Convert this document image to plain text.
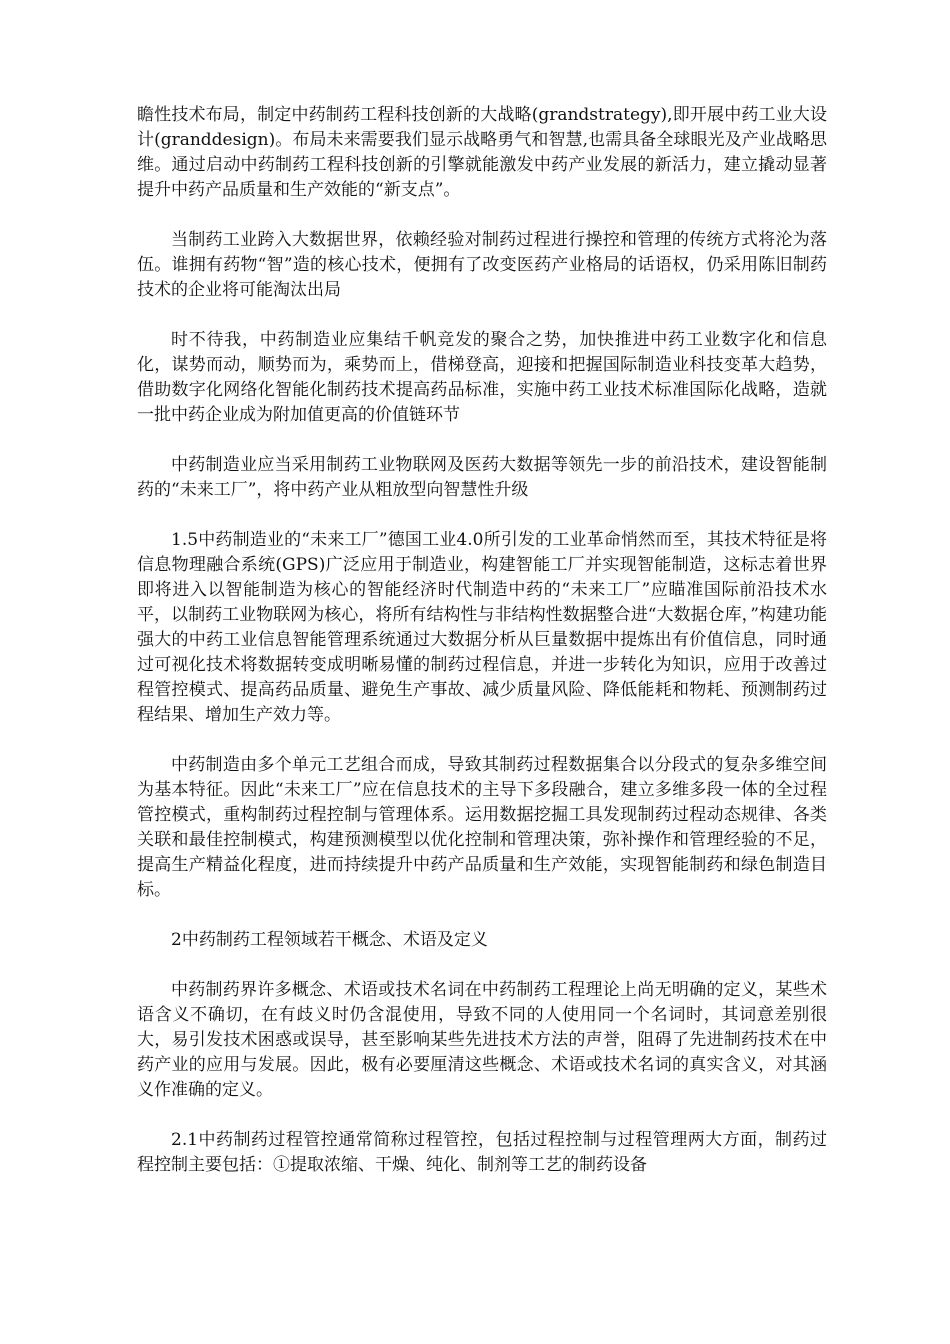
瞻性技术布局，制定中药制药工程科技创新的大战略(grandstrategy),即开展中药工业大设计(granddesign)。布局未来需要我们显示战略勇气和智慧,也需具备全球眼光及产业战略思维。通过启动中药制药工程科技创新的引擎就能激发中药产业发展的新活力，建立撬动显著提升中药产品质量和生产效能的“新支点”。

当制药工业跨入大数据世界，依赖经验对制药过程进行操控和管理的传统方式将沦为落伍。谁拥有药物“智”造的核心技术，便拥有了改变医药产业格局的话语权，仍采用陈旧制药技术的企业将可能淘汰出局

时不待我，中药制造业应集结千帆竞发的聚合之势，加快推进中药工业数字化和信息化，谋势而动，顺势而为，乘势而上，借梯登高，迎接和把握国际制造业科技变革大趋势，借助数字化网络化智能化制药技术提高药品标准，实施中药工业技术标准国际化战略，造就一批中药企业成为附加值更高的价值链环节

中药制造业应当采用制药工业物联网及医药大数据等领先一步的前沿技术，建设智能制药的“未来工厂”，将中药产业从粗放型向智慧性升级

1.5中药制造业的“未来工厂”德国工业4.0所引发的工业革命悄然而至，其技术特征是将信息物理融合系统(GPS)广泛应用于制造业，构建智能工厂并实现智能制造，这标志着世界即将进入以智能制造为核心的智能经济时代制造中药的“未来工厂”应瞄准国际前沿技术水平，以制药工业物联网为核心，将所有结构性与非结构性数据整合进“大数据仓库，”构建功能强大的中药工业信息智能管理系统通过大数据分析从巨量数据中提炼出有价值信息，同时通过可视化技术将数据转变成明晰易懂的制药过程信息，并进一步转化为知识，应用于改善过程管控模式、提高药品质量、避免生产事故、减少质量风险、降低能耗和物耗、预测制药过程结果、增加生产效力等。

中药制造由多个单元工艺组合而成，导致其制药过程数据集合以分段式的复杂多维空间为基本特征。因此“未来工厂”应在信息技术的主导下多段融合，建立多维多段一体的全过程管控模式，重构制药过程控制与管理体系。运用数据挖掘工具发现制药过程动态规律、各类关联和最佳控制模式，构建预测模型以优化控制和管理决策，弥补操作和管理经验的不足，提高生产精益化程度，进而持续提升中药产品质量和生产效能，实现智能制药和绿色制造目标。

2中药制药工程领域若干概念、术语及定义

中药制药界许多概念、术语或技术名词在中药制药工程理论上尚无明确的定义，某些术语含义不确切，在有歧义时仍含混使用，导致不同的人使用同一个名词时，其词意差别很大，易引发技术困惑或误导，甚至影响某些先进技术方法的声誉，阻碍了先进制药技术在中药产业的应用与发展。因此，极有必要厘清这些概念、术语或技术名词的真实含义，对其涵义作准确的定义。

2.1中药制药过程管控通常简称过程管控，包括过程控制与过程管理两大方面，制药过程控制主要包括：①提取浓缩、干燥、纯化、制剂等工艺的制药设备
